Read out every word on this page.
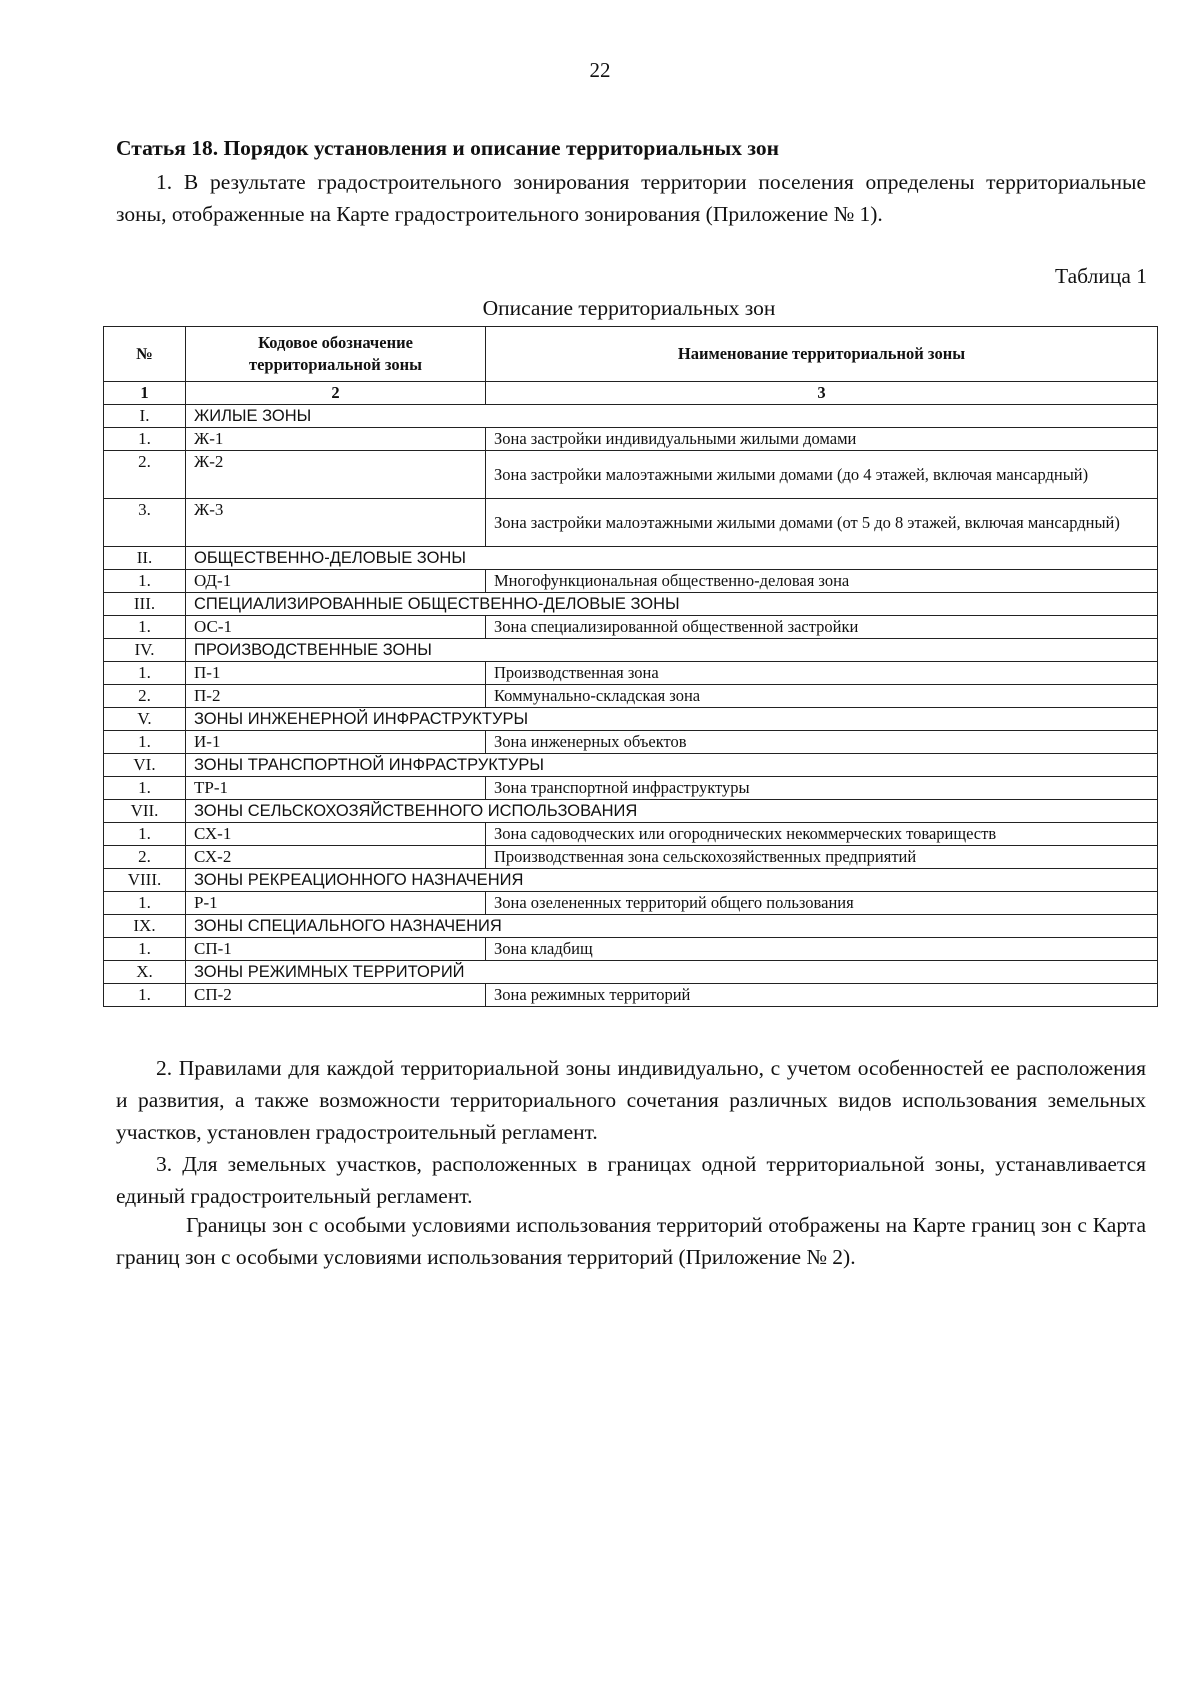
22
Статья 18. Порядок установления и описание территориальных зон

1. В результате градостроительного зонирования территории поселения определены территориальные зоны, отображенные на Карте градостроительного зонирования (Приложение № 1).

Таблица 1
Описание территориальных зон
№	Кодовое обозначение территориальной зоны	Наименование территориальной зоны
1	2	3
I.	ЖИЛЫЕ ЗОНЫ	
1.	Ж-1	Зона застройки индивидуальными жилыми домами
2.	Ж-2	Зона застройки малоэтажными жилыми домами (до 4 этажей, включая мансардный)
3.	Ж-3	Зона застройки малоэтажными жилыми домами (от 5 до 8 этажей, включая мансардный)
II.	ОБЩЕСТВЕННО-ДЕЛОВЫЕ ЗОНЫ	
1.	ОД-1	Многофункциональная общественно-деловая зона
III.	СПЕЦИАЛИЗИРОВАННЫЕ ОБЩЕСТВЕННО-ДЕЛОВЫЕ ЗОНЫ	
1.	ОС-1	Зона специализированной общественной застройки
IV.	ПРОИЗВОДСТВЕННЫЕ ЗОНЫ	
1.	П-1	Производственная зона
2.	П-2	Коммунально-складская зона
V.	ЗОНЫ ИНЖЕНЕРНОЙ ИНФРАСТРУКТУРЫ	
1.	И-1	Зона инженерных объектов
VI.	ЗОНЫ ТРАНСПОРТНОЙ ИНФРАСТРУКТУРЫ	
1.	ТР-1	Зона транспортной инфраструктуры
VII.	ЗОНЫ СЕЛЬСКОХОЗЯЙСТВЕННОГО ИСПОЛЬЗОВАНИЯ	
1.	СХ-1	Зона садоводческих или огороднических некоммерческих товариществ
2.	СХ-2	Производственная зона сельскохозяйственных предприятий
VIII.	ЗОНЫ РЕКРЕАЦИОННОГО НАЗНАЧЕНИЯ	
1.	Р-1	Зона озелененных территорий общего пользования
IX.	ЗОНЫ СПЕЦИАЛЬНОГО НАЗНАЧЕНИЯ	
1.	СП-1	Зона кладбищ
X.	ЗОНЫ РЕЖИМНЫХ ТЕРРИТОРИЙ	
1.	СП-2	Зона режимных территорий

2. Правилами для каждой территориальной зоны индивидуально, с учетом особенностей ее расположения и развития, а также возможности территориального сочетания различных видов использования земельных участков, установлен градостроительный регламент.

3. Для земельных участков, расположенных в границах одной территориальной зоны, устанавливается единый градостроительный регламент.

Границы зон с особыми условиями использования территорий отображены на Карте границ зон с Карта границ зон с особыми условиями использования территорий (Приложение № 2).
